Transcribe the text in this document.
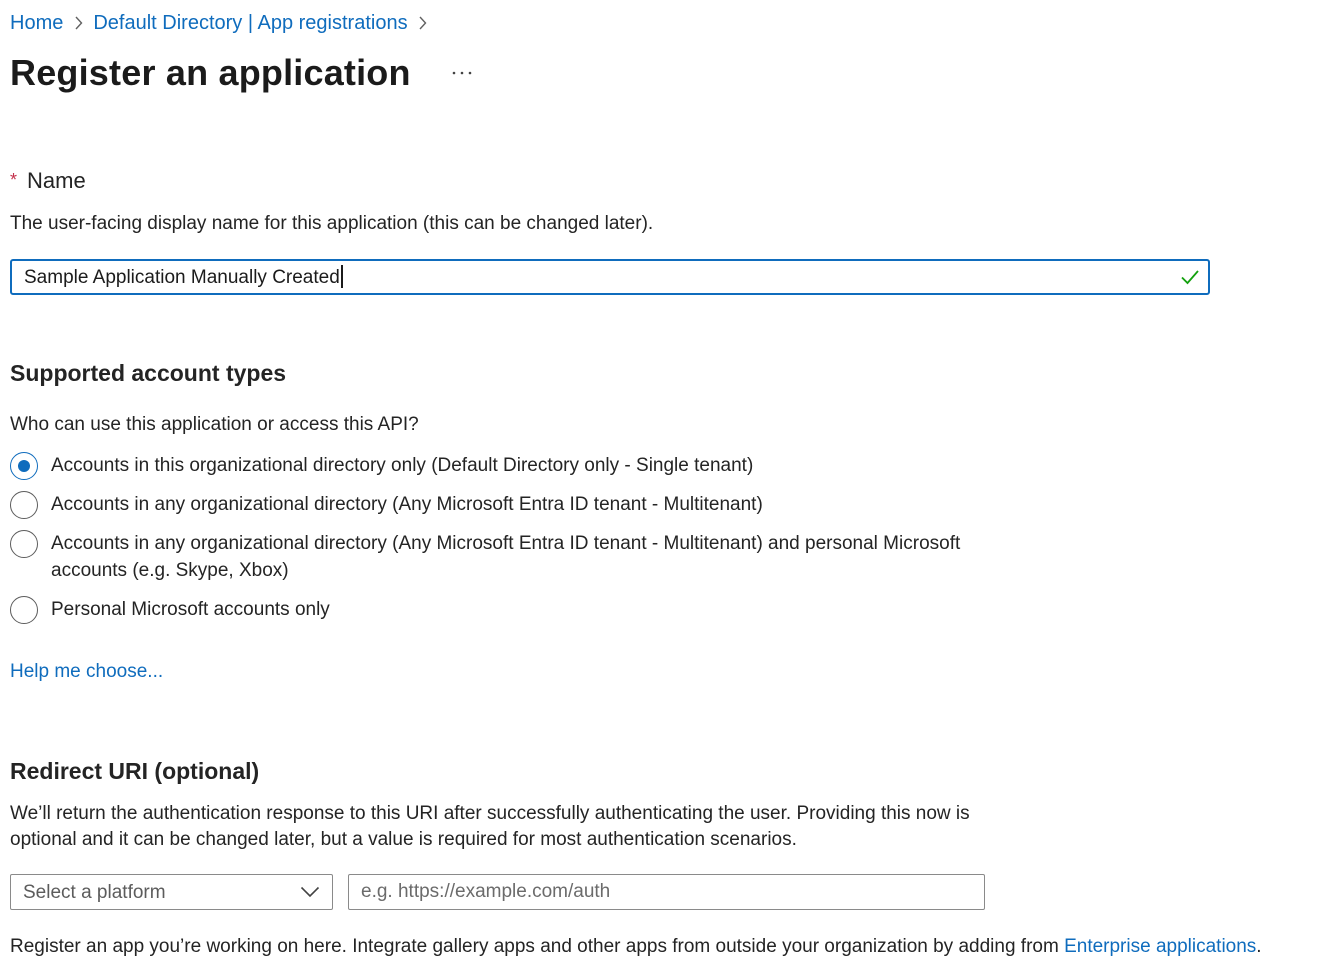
Home Default Directory | App registrations
Register an application
* Name
The user-facing display name for this application (this can be changed later).
Sample Application Manually Created
Supported account types
Who can use this application or access this API?
Accounts in this organizational directory only (Default Directory only - Single tenant)
Accounts in any organizational directory (Any Microsoft Entra ID tenant - Multitenant)
Accounts in any organizational directory (Any Microsoft Entra ID tenant - Multitenant) and personal Microsoft accounts (e.g. Skype, Xbox)
Personal Microsoft accounts only
Help me choose...
Redirect URI (optional)
We’ll return the authentication response to this URI after successfully authenticating the user. Providing this now is optional and it can be changed later, but a value is required for most authentication scenarios.
Select a platform
e.g. https://example.com/auth
Register an app you’re working on here. Integrate gallery apps and other apps from outside your organization by adding from Enterprise applications.
